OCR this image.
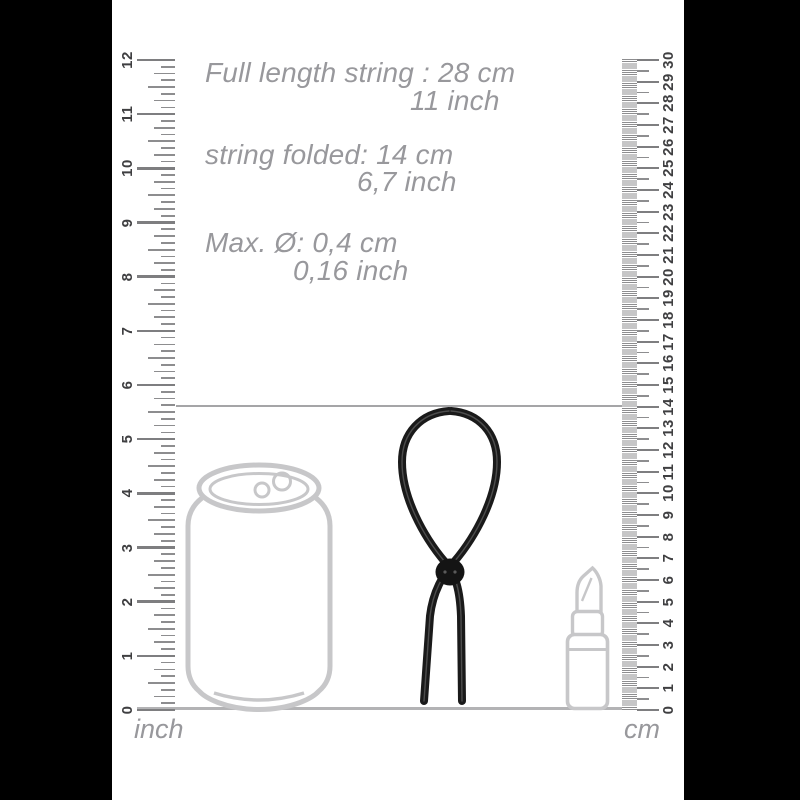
Full length string : 28 cm
11 inch
string folded: 14 cm
6,7 inch
Max. Ø: 0,4 cm
0,16 inch
0
1
2
3
4
5
6
7
8
9
10
11
12
0
1
2
3
4
5
6
7
8
9
10
11
12
13
14
15
16
17
18
19
20
21
22
23
24
25
26
27
28
29
30
inch	cm
